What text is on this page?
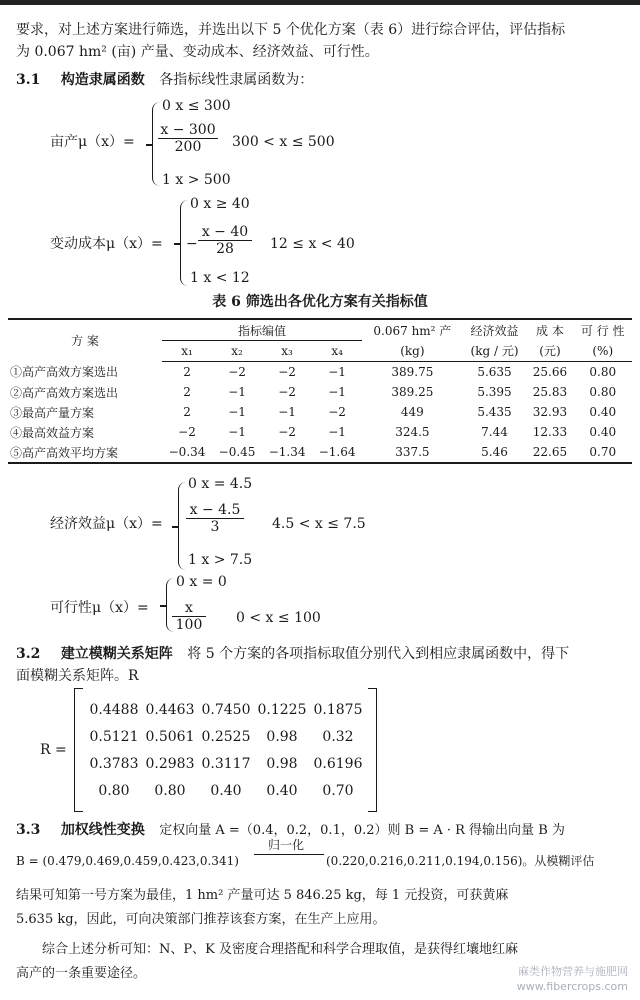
要求，对上述方案进行筛选，并选出以下 5 个优化方案（表 6）进行综合评估，评估指标
为 0.067 hm² (亩) 产量、变动成本、经济效益、可行性。
3.1 构造隶属函数 各指标线性隶属函数为：
亩产μ（x）=
0 x ≤ 300
$\frac{x - 300}{200} 300 < x \le 500$
1 x > 500
变动成本μ（x）=
0 x ≥ 40
− $\frac{x - 40}{28} 12 \le x < 40$
1 x < 12
表 6 筛选出各优化方案有关指标值
方 案	指标编值				0.067 hm² 产	经济效益	成 本	可 行 性
	x₁	x₂	x₃	x₄	(kg)	(kg / 元)	(元)	(%)
①高产高效方案选出	2	−2	−2	−1	389.75	5.635	25.66	0.80
②高产高效方案选出	2	−1	−2	−1	389.25	5.395	25.83	0.80
③最高产量方案	2	−1	−1	−2	449	5.435	32.93	0.40
④最高效益方案	−2	−1	−2	−1	324.5	7.44	12.33	0.40
⑤高产高效平均方案	−0.34	−0.45	−1.34	−1.64	337.5	5.46	22.65	0.70
经济效益μ（x）=
0 x = 4.5
$\frac{x - 4.5}{3} 4.5 < x \le 7.5$
1 x > 7.5
可行性μ（x）=
0 x = 0
$\frac{x}{100} 0 < x \le 100$
3.2 建立模糊关系矩阵 将 5 个方案的各项指标取值分别代入到相应隶属函数中，得下
面模糊关系矩阵。R
R =
0.4488 0.4463 0.7450 0.1225 0.1875
0.5121 0.5061 0.2525	0.98	0.32
0.3783 0.2983 0.3117	0.98	0.6196
0.80	0.80	0.40	0.40	0.70
3.3 加权线性变换 定权向量 A =（0.4，0.2，0.1，0.2）则 B = A · R 得输出向量 B 为
B = (0.479,0.469,0.459,0.423,0.341)
归一化
(0.220,0.216,0.211,0.194,0.156)。从模糊评估
结果可知第一号方案为最佳，1 hm² 产量可达 5 846.25 kg，每 1 元投资，可获黄麻
5.635 kg，因此，可向决策部门推荐该套方案，在生产上应用。
综合上述分析可知：N、P、K 及密度合理搭配和科学合理取值，是获得红壤地红麻
高产的一条重要途径。	麻类作物营养与施肥网
www.fibercrops.com
